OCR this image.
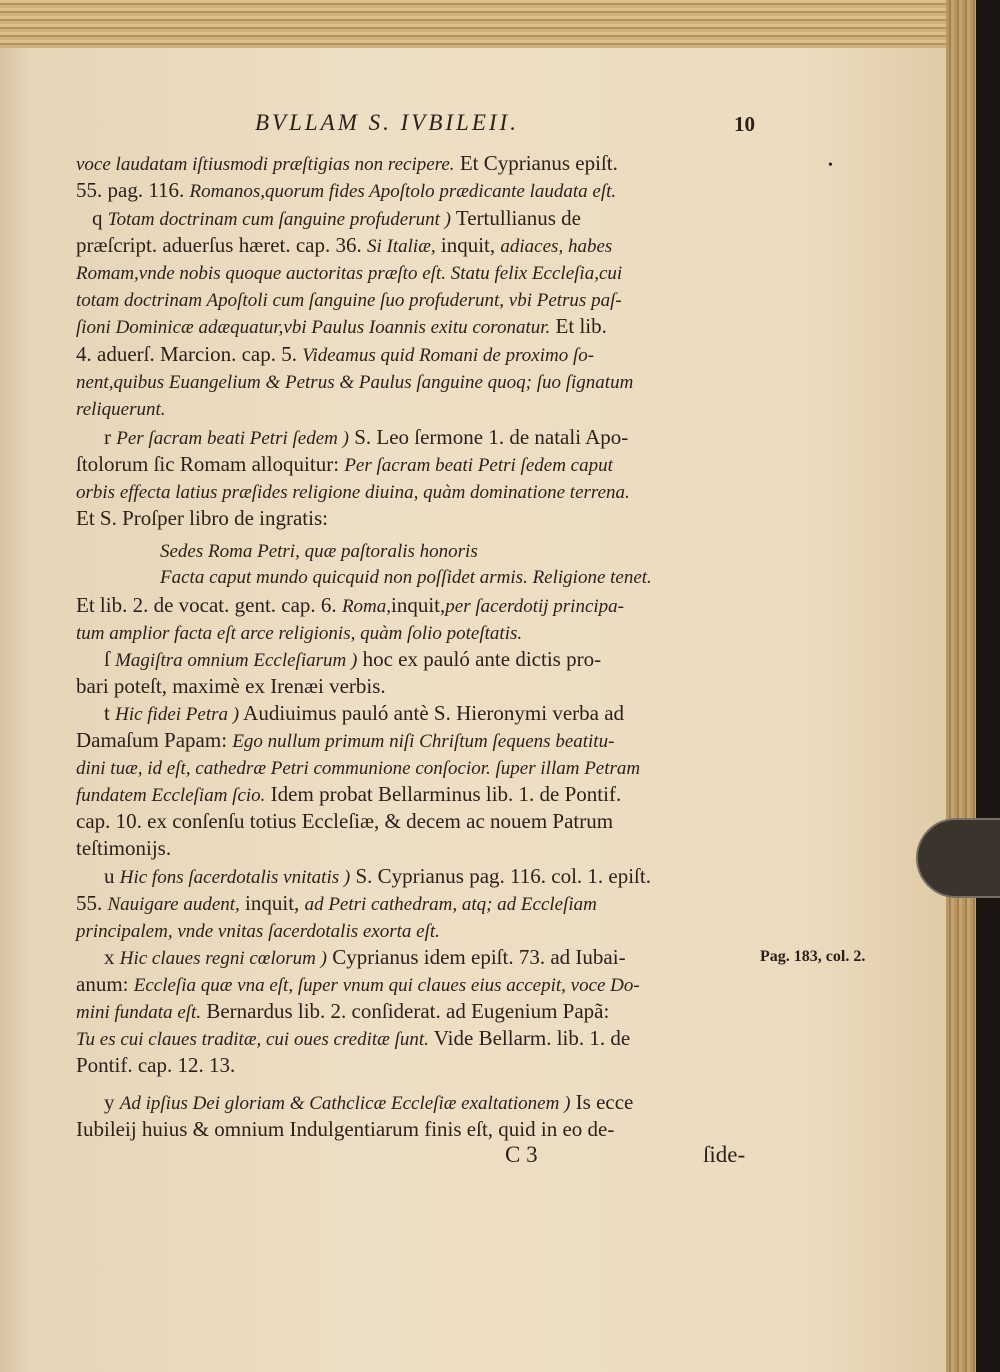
BVLLAM S. IVBILEII.	10
•
voce laudatam iſtiusmodi præſtigias non recipere. Et Cyprianus epiſt.
55. pag. 116. Romanos,quorum fides Apoſtolo prædicante laudata eſt.
q Totam doctrinam cum ſanguine profuderunt ) Tertullianus de
præſcript. aduerſus hæret. cap. 36. Si Italiæ, inquit, adiaces, habes
Romam,vnde nobis quoque auctoritas præſto eſt. Statu felix Eccleſia,cui
totam doctrinam Apoſtoli cum ſanguine ſuo profuderunt, vbi Petrus paſ-
ſioni Dominicæ adæquatur,vbi Paulus Ioannis exitu coronatur. Et lib.
4. aduerſ. Marcion. cap. 5. Videamus quid Romani de proximo ſo-
nent,quibus Euangelium & Petrus & Paulus ſanguine quoq; ſuo ſignatum
reliquerunt.
r Per ſacram beati Petri ſedem ) S. Leo ſermone 1. de natali Apo-
ſtolorum ſic Romam alloquitur: Per ſacram beati Petri ſedem caput
orbis effecta latius præſides religione diuina, quàm dominatione terrena.
Et S. Proſper libro de ingratis:
Sedes Roma Petri, quæ paſtoralis honoris
Facta caput mundo quicquid non poſſidet armis. Religione tenet.
Et lib. 2. de vocat. gent. cap. 6. Roma,inquit,per ſacerdotij principa-
tum amplior facta eſt arce religionis, quàm ſolio poteſtatis.
ſ Magiſtra omnium Eccleſiarum ) hoc ex pauló ante dictis pro-
bari poteſt, maximè ex Irenæi verbis.
t Hic fidei Petra ) Audiuimus pauló antè S. Hieronymi verba ad
Damaſum Papam: Ego nullum primum niſi Chriſtum ſequens beatitu-
dini tuæ, id eſt, cathedræ Petri communione conſocior. ſuper illam Petram
fundatem Eccleſiam ſcio. Idem probat Bellarminus lib. 1. de Pontif.
cap. 10. ex conſenſu totius Eccleſiæ, & decem ac nouem Patrum
teſtimonijs.
u Hic fons ſacerdotalis vnitatis ) S. Cyprianus pag. 116. col. 1. epiſt.
55. Nauigare audent, inquit, ad Petri cathedram, atq; ad Eccleſiam
principalem, vnde vnitas ſacerdotalis exorta eſt.
x Hic claues regni cœlorum ) Cyprianus idem epiſt. 73. ad Iubai-
anum: Eccleſia quæ vna eſt, ſuper vnum qui claues eius accepit, voce Do-
mini fundata eſt. Bernardus lib. 2. conſiderat. ad Eugenium Papã:
Tu es cui claues traditæ, cui oues creditæ ſunt. Vide Bellarm. lib. 1. de
Pontif. cap. 12. 13.
y Ad ipſius Dei gloriam & Cathclicæ Eccleſiæ exaltationem ) Is ecce
Iubileij huius & omnium Indulgentiarum finis eſt, quid in eo de-
Pag. 183, col. 2.
C 3	ſide-
